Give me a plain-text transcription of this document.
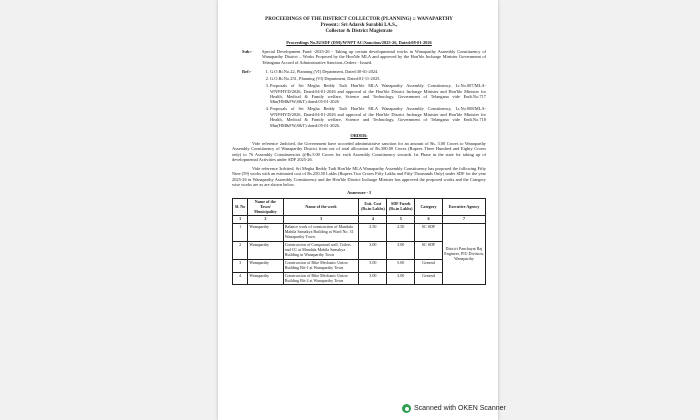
PROCEEDINGS OF THE DISTRICT COLLECTOR (PLANNING) :: WANAPARTHY
Present:: Sri Adarsh Surabhi I.A.S.,
Collector & District Magistrate
Proceedings No.82/SDF (DM)/WNPT AC/Sanction/2025-26, Dated:08-01-2026
Sub:-	Special Development Fund -2025-26 - Taking up certain developmental works in Wanaparthy Assembly Constituency of Wanaparthy District – Works Proposed by the Hon'ble MLA and approved by the Hon'ble Incharge Minister Government of Telangana Accord of Administrative Sanction–Orders - Issued.
Ref:-	1. G.O.Rt.No.22, Planning (VI) Department, Dated:30-01-2024.
2. G.O.Rt.No.251, Planning (VI) Department, Dated:01-11-2025.
3. Proposals of Sri Megha Reddy Tudi Hon'ble MLA Wanaparthy Assembly Constituency, Lr.No.007/MLA-WNP/HYD/2026, Dated:04-01-2026 and approval of the Hon'ble District Incharge Minister and Hon'ble Minister for Health, Medical & Family welfare, Science and Technology, Government of Telangana vide Endt.No.717 Min(HM&FW,S&T) dated:05-01-2026
4. Proposals of Sri Megha Reddy Tudi Hon'ble MLA Wanaparthy Assembly Constituency, Lr.No.008/MLA-WNP/HYD/2026, Dated:04-01-2026 and approval of the Hon'ble District Incharge Minister and Hon'ble Minister for Health, Medical & Family welfare, Science and Technology, Government of Telangana vide Endt.No.718 Min(HM&FW,S&T) dated:05-01-2026.
ORDER:

Vide reference 2ndcited, the Government have accorded administrative sanction for an amount of Rs. 3.00 Crores to Wanaparthy Assembly Constituency of Wanaparthy District from out of total allocation of Rs.380.00 Crores (Rupees Three Hundred and Eighty Crores only) to 76 Assembly Constituencies @Rs.5.00 Crores for each Assembly Constituency towards 1st Phase in the state for taking up of developmental Activities under SDF 2025-26.

Vide reference 3rdcited, Sri Megha Reddy Tudi Hon'ble MLA Wanaparthy Assembly Constituency has proposed the following Fifty Nine (59) works with an estimated cost of Rs.250.50 Lakhs (Rupees Two Crores Fifty Lakhs and Fifty Thousands Only) under SDF for the year 2025-26 in Wanaparthy Assembly Constituency and the Hon'ble District Incharge Minister has approved the proposed works and the Category wise works are as are shown below.

Annexure - I
Sl. No	Name of the Town/ Municipality	Name of the work	Estt. Cost (Rs.in Lakhs)	SDF Funds (Rs.in Lakhs)	Category	Executive Agency
1	2	3	4	5	6	7
1	Wanaparthy	Balance work of construction of Mandala Mahila Samakya Building at Ward No. 31 Wanaparthy Town.	2.50	2.50	SC SDF	District Panchayat Raj Engineer, PIU Division, Wanaparthy
2	Wanaparthy	Construction of Compound wall, Toilets and CC at Mandala Mahila Samakya Building in Wanaparthy Town	3.00	3.00	SC SDF	
3	Wanaparthy	Construction of Bike Mechanic Union Building Bit-1 at Wanaparthy Town	5.00	5.00	General	
4	Wanaparthy	Construction of Bike Mechanic Union Building Bit-2 at Wanaparthy Town	3.00	3.00	General	
Scanned with OKEN Scanner
